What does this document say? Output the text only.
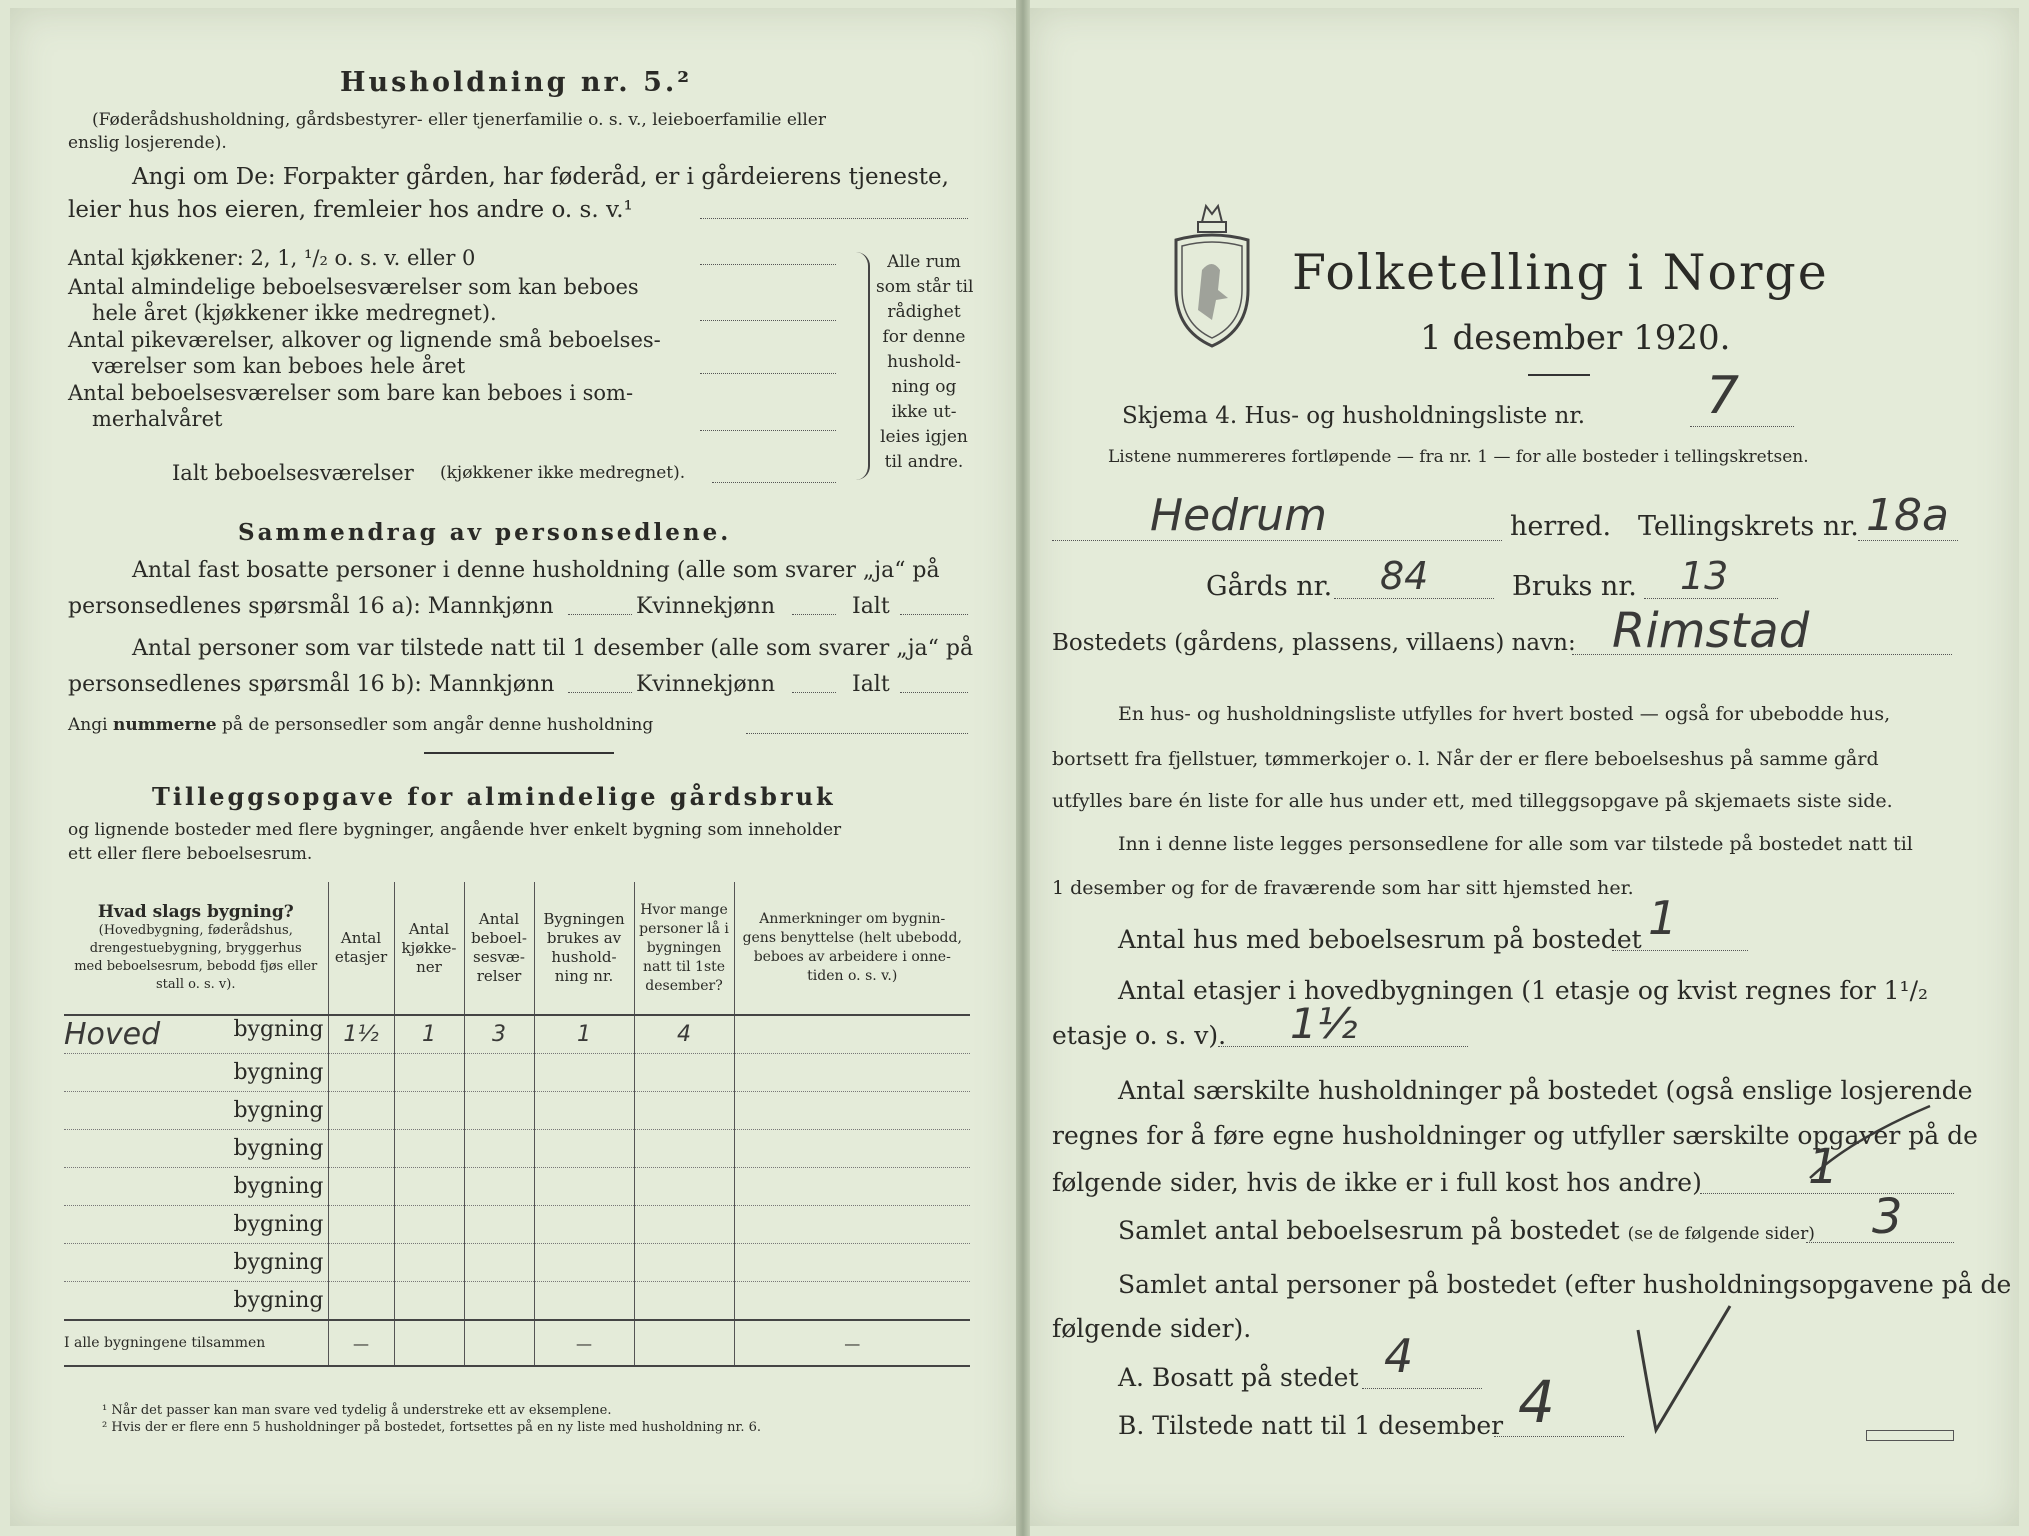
Husholdning nr. 5.²
(Føderådshusholdning, gårdsbestyrer- eller tjenerfamilie o. s. v., leieboerfamilie eller
enslig losjerende).
Angi om De: Forpakter gården, har føderåd, er i gårdeierens tjeneste,
leier hus hos eieren, fremleier hos andre o. s. v.¹
Antal kjøkkener: 2, 1, ¹/₂ o. s. v. eller 0
Antal almindelige beboelsesværelser som kan beboes
hele året (kjøkkener ikke medregnet).
Antal pikeværelser, alkover og lignende små beboelses-
værelser som kan beboes hele året
Antal beboelsesværelser som bare kan beboes i som-
merhalvåret
Alle rum
som står til
rådighet
for denne
hushold-
ning og
ikke ut-
leies igjen
til andre.
Ialt beboelsesværelser (kjøkkener ikke medregnet).
Sammendrag av personsedlene.
Antal fast bosatte personer i denne husholdning (alle som svarer „ja“ på
personsedlenes spørsmål 16 a): Mannkjønn	Kvinnekjønn	Ialt
Antal personer som var tilstede natt til 1 desember (alle som svarer „ja“ på
personsedlenes spørsmål 16 b): Mannkjønn	Kvinnekjønn	Ialt
Angi nummerne på de personsedler som angår denne husholdning
Tilleggsopgave for almindelige gårdsbruk
og lignende bosteder med flere bygninger, angående hver enkelt bygning som inneholder
ett eller flere beboelsesrum.
Hvad slags bygning?
(Hovedbygning, føderådshus, drengestuebygning, bryggerhus med beboelsesrum, bebodd fjøs eller stall o. s. v).	Antal etasjer	Antal kjøkke- ner	Antal beboel- sesvæ- relser	Bygningen brukes av hushold- ning nr.	Hvor mange personer lå i bygningen natt til 1ste desember?	Anmerkninger om bygnin- gens benyttelse (helt ubebodd, beboes av arbeidere i onne- tiden o. s. v.)
Hoved bygning	1½	1	3	1	4	

bygning						

bygning						

bygning						

bygning						

bygning						

bygning						

bygning						

I alle bygningene tilsammen	—			—		—
¹ Når det passer kan man svare ved tydelig å understreke ett av eksemplene.
² Hvis der er flere enn 5 husholdninger på bostedet, fortsettes på en ny liste med husholdning nr. 6.
Folketelling i Norge
1 desember 1920.
Skjema 4. Hus- og husholdningsliste nr. 7
Listene nummereres fortløpende — fra nr. 1 — for alle bosteder i tellingskretsen.
Hedrum	herred. Tellingskrets nr. 18a
Gårds nr. 84	Bruks nr. 13
Bostedets (gårdens, plassens, villaens) navn: Rimstad
En hus- og husholdningsliste utfylles for hvert bosted — også for ubebodde hus,
bortsett fra fjellstuer, tømmerkojer o. l. Når der er flere beboelseshus på samme gård
utfylles bare én liste for alle hus under ett, med tilleggsopgave på skjemaets siste side.
Inn i denne liste legges personsedlene for alle som var tilstede på bostedet natt til
1 desember og for de fraværende som har sitt hjemsted her.
Antal hus med beboelsesrum på bostedet 1
Antal etasjer i hovedbygningen (1 etasje og kvist regnes for 1¹/₂
etasje o. s. v). 1½
Antal særskilte husholdninger på bostedet (også enslige losjerende
regnes for å føre egne husholdninger og utfyller særskilte opgaver på de
følgende sider, hvis de ikke er i full kost hos andre) 1
Samlet antal beboelsesrum på bostedet (se de følgende sider) 3
Samlet antal personer på bostedet (efter husholdningsopgavene på de
følgende sider).
A. Bosatt på stedet 4
B. Tilstede natt til 1 desember 4
